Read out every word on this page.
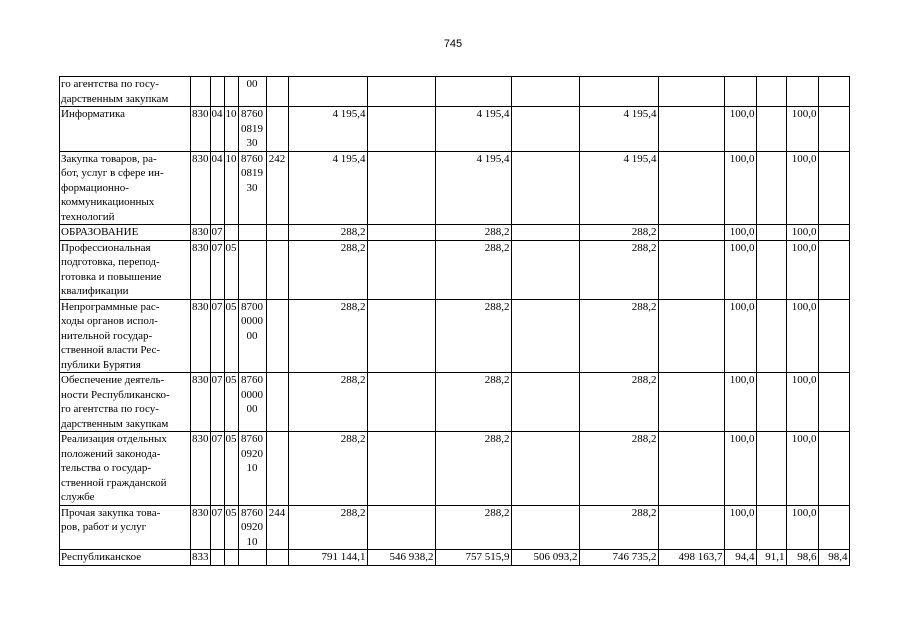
745
го агентства по госу-
дарственным закупкам				00											
Информатика	830	04	10	8760
0819
30		4 195,4		4 195,4		4 195,4		100,0		100,0	
Закупка товаров, ра-
бот, услуг в сфере ин-
формационно-
коммуникационных
технологий	830	04	10	8760
0819
30	242	4 195,4		4 195,4		4 195,4		100,0		100,0	
ОБРАЗОВАНИЕ	830	07				288,2		288,2		288,2		100,0		100,0	
Профессиональная
подготовка, перепод-
готовка и повышение
квалификации	830	07	05			288,2		288,2		288,2		100,0		100,0	
Непрограммные рас-
ходы органов испол-
нительной государ-
ственной власти Рес-
публики Бурятия	830	07	05	8700
0000
00		288,2		288,2		288,2		100,0		100,0	
Обеспечение деятель-
ности Республиканско-
го агентства по госу-
дарственным закупкам	830	07	05	8760
0000
00		288,2		288,2		288,2		100,0		100,0	
Реализация отдельных
положений законода-
тельства о государ-
ственной гражданской
службе	830	07	05	8760
0920
10		288,2		288,2		288,2		100,0		100,0	
Прочая закупка това-
ров, работ и услуг	830	07	05	8760
0920
10	244	288,2		288,2		288,2		100,0		100,0	
Республиканское	833					791 144,1	546 938,2	757 515,9	506 093,2	746 735,2	498 163,7	94,4	91,1	98,6	98,4
